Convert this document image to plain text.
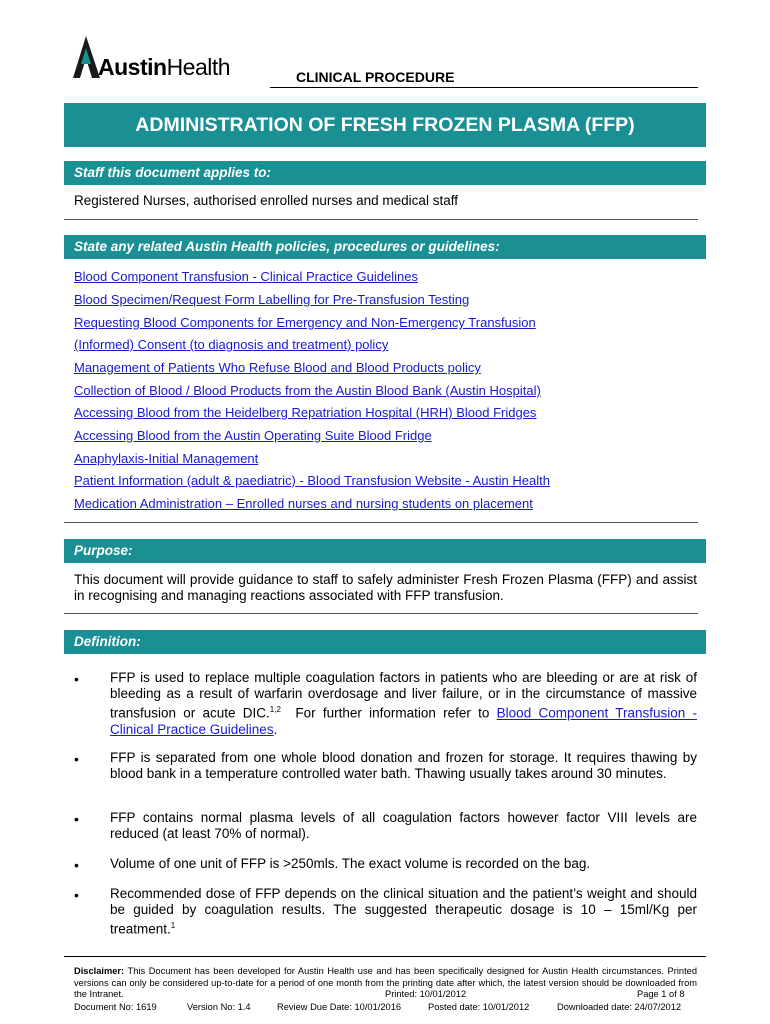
AustinHealth	CLINICAL PROCEDURE
ADMINISTRATION OF FRESH FROZEN PLASMA (FFP)
Staff this document applies to:
Registered Nurses, authorised enrolled nurses and medical staff
State any related Austin Health policies, procedures or guidelines:
Blood Component Transfusion - Clinical Practice Guidelines
Blood Specimen/Request Form Labelling for Pre-Transfusion Testing
Requesting Blood Components for Emergency and Non-Emergency Transfusion
(Informed) Consent (to diagnosis and treatment) policy
Management of Patients Who Refuse Blood and Blood Products policy
Collection of Blood / Blood Products from the Austin Blood Bank (Austin Hospital)
Accessing Blood from the Heidelberg Repatriation Hospital (HRH) Blood Fridges
Accessing Blood from the Austin Operating Suite Blood Fridge
Anaphylaxis-Initial Management
Patient Information (adult & paediatric) - Blood Transfusion Website - Austin Health
Medication Administration – Enrolled nurses and nursing students on placement
Purpose:
This document will provide guidance to staff to safely administer Fresh Frozen Plasma (FFP) and assist in recognising and managing reactions associated with FFP transfusion.
Definition:
• FFP is used to replace multiple coagulation factors in patients who are bleeding or are at risk of bleeding as a result of warfarin overdosage and liver failure, or in the circumstance of massive transfusion or acute DIC.$^{1,2}$  For further information refer to Blood Component Transfusion - Clinical Practice Guidelines.
• FFP is separated from one whole blood donation and frozen for storage. It requires thawing by blood bank in a temperature controlled water bath. Thawing usually takes around 30 minutes.
• FFP contains normal plasma levels of all coagulation factors however factor VIII levels are reduced (at least 70% of normal).
• Volume of one unit of FFP is >250mls. The exact volume is recorded on the bag.
• Recommended dose of FFP depends on the clinical situation and the patient’s weight and should be guided by coagulation results. The suggested therapeutic dosage is 10 – 15ml/Kg per treatment.$^1$
Disclaimer: This Document has been developed for Austin Health use and has been specifically designed for Austin Health circumstances. Printed versions can only be considered up-to-date for a period of one month from the printing date after which, the latest version should be downloaded from the Intranet.	Printed: 10/01/2012	Page 1 of 8
Document No: 1619	Version No: 1.4	Review Due Date: 10/01/2016	Posted date: 10/01/2012	Downloaded date: 24/07/2012
